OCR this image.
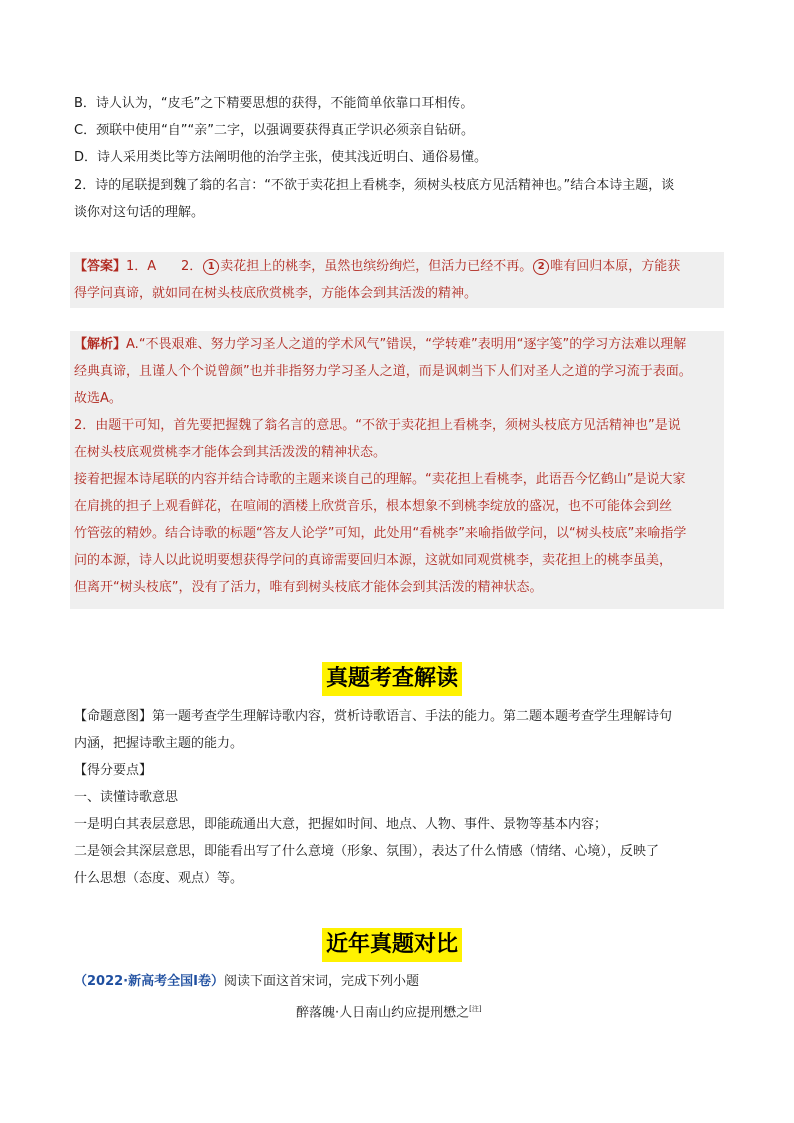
B．诗人认为，“皮毛”之下精要思想的获得，不能简单依靠口耳相传。
C．颈联中使用“自”“亲”二字，以强调要获得真正学识必须亲自钻研。
D．诗人采用类比等方法阐明他的治学主张，使其浅近明白、通俗易懂。
2．诗的尾联提到魏了翁的名言：“不欲于卖花担上看桃李，须树头枝底方见活精神也。”结合本诗主题，谈
谈你对这句话的理解。
【答案】1．A 2． 1 卖花担上的桃李，虽然也缤纷绚烂，但活力已经不再。 2 唯有回归本原，方能获
得学问真谛，就如同在树头枝底欣赏桃李，方能体会到其活泼的精神。
【解析】A.“不畏艰难、努力学习圣人之道的学术风气”错误，“学转难”表明用“逐字笺”的学习方法难以理解
经典真谛，且谨人个个说曾颜”也并非指努力学习圣人之道，而是讽刺当下人们对圣人之道的学习流于表面。
故选A。
2．由题干可知，首先要把握魏了翁名言的意思。“不欲于卖花担上看桃李，须树头枝底方见活精神也”是说
在树头枝底观赏桃李才能体会到其活泼泼的精神状态。
接着把握本诗尾联的内容并结合诗歌的主题来谈自己的理解。“卖花担上看桃李，此语吾今忆鹤山”是说大家
在肩挑的担子上观看鲜花，在喧闹的酒楼上欣赏音乐，根本想象不到桃李绽放的盛况，也不可能体会到丝
竹管弦的精妙。结合诗歌的标题“答友人论学”可知，此处用“看桃李”来喻指做学问，以“树头枝底”来喻指学
问的本源，诗人以此说明要想获得学问的真谛需要回归本源，这就如同观赏桃李，卖花担上的桃李虽美，
但离开“树头枝底”，没有了活力，唯有到树头枝底才能体会到其活泼的精神状态。
真题考查解读
【命题意图】第一题考查学生理解诗歌内容，赏析诗歌语言、手法的能力。第二题本题考查学生理解诗句
内涵，把握诗歌主题的能力。
【得分要点】
一、读懂诗歌意思
一是明白其表层意思，即能疏通出大意，把握如时间、地点、人物、事件、景物等基本内容；
二是领会其深层意思，即能看出写了什么意境（形象、氛围），表达了什么情感（情绪、心境），反映了
什么思想（态度、观点）等。
近年真题对比
（2022·新高考全国Ⅰ卷）阅读下面这首宋词，完成下列小题
醉落魄·人日南山约应提刑懋之[注]
